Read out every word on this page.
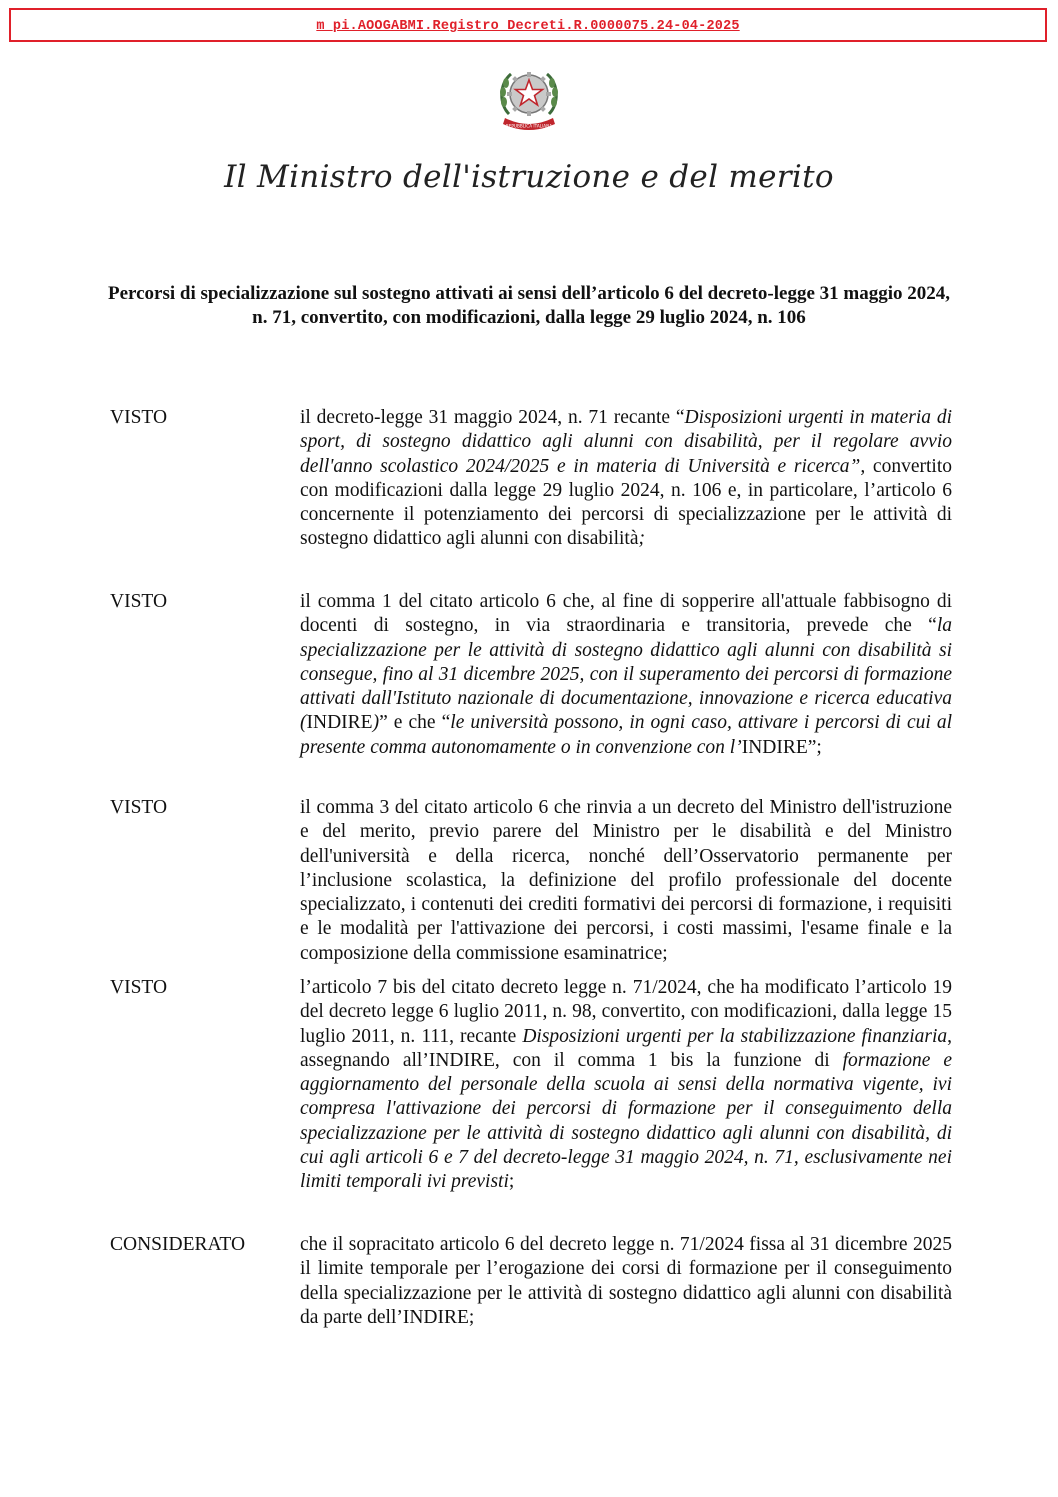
m_pi.AOOGABMI.Registro Decreti.R.0000075.24-04-2025
REPUBBLICA ITALIANA
Il Ministro dell'istruzione e del merito
Percorsi di specializzazione sul sostegno attivati ai sensi dell’articolo 6 del decreto-legge 31 maggio 2024, n. 71, convertito, con modificazioni, dalla legge 29 luglio 2024, n. 106
VISTO	il decreto-legge 31 maggio 2024, n. 71 recante “Disposizioni urgenti in materia di sport, di sostegno didattico agli alunni con disabilità, per il regolare avvio dell'anno scolastico 2024/2025 e in materia di Università e ricerca”, convertito con modificazioni dalla legge 29 luglio 2024, n. 106 e, in particolare, l’articolo 6 concernente il potenziamento dei percorsi di specializzazione per le attività di sostegno didattico agli alunni con disabilità;
VISTO	il comma 1 del citato articolo 6 che, al fine di sopperire all'attuale fabbisogno di docenti di sostegno, in via straordinaria e transitoria, prevede che “la specializzazione per le attività di sostegno didattico agli alunni con disabilità si consegue, fino al 31 dicembre 2025, con il superamento dei percorsi di formazione attivati dall'Istituto nazionale di documentazione, innovazione e ricerca educativa (INDIRE)” e che “le università possono, in ogni caso, attivare i percorsi di cui al presente comma autonomamente o in convenzione con l’INDIRE”;
VISTO	il comma 3 del citato articolo 6 che rinvia a un decreto del Ministro dell'istruzione e del merito, previo parere del Ministro per le disabilità e del Ministro dell'università e della ricerca, nonché dell’Osservatorio permanente per l’inclusione scolastica, la definizione del profilo professionale del docente specializzato, i contenuti dei crediti formativi dei percorsi di formazione, i requisiti e le modalità per l'attivazione dei percorsi, i costi massimi, l'esame finale e la composizione della commissione esaminatrice;
VISTO	l’articolo 7 bis del citato decreto legge n. 71/2024, che ha modificato l’articolo 19 del decreto legge 6 luglio 2011, n. 98, convertito, con modificazioni, dalla legge 15 luglio 2011, n. 111, recante Disposizioni urgenti per la stabilizzazione finanziaria, assegnando all’INDIRE, con il comma 1 bis la funzione di formazione e aggiornamento del personale della scuola ai sensi della normativa vigente, ivi compresa l'attivazione dei percorsi di formazione per il conseguimento della specializzazione per le attività di sostegno didattico agli alunni con disabilità, di cui agli articoli 6 e 7 del decreto-legge 31 maggio 2024, n. 71, esclusivamente nei limiti temporali ivi previsti;
CONSIDERATO	che il sopracitato articolo 6 del decreto legge n. 71/2024 fissa al 31 dicembre 2025 il limite temporale per l’erogazione dei corsi di formazione per il conseguimento della specializzazione per le attività di sostegno didattico agli alunni con disabilità da parte dell’INDIRE;
